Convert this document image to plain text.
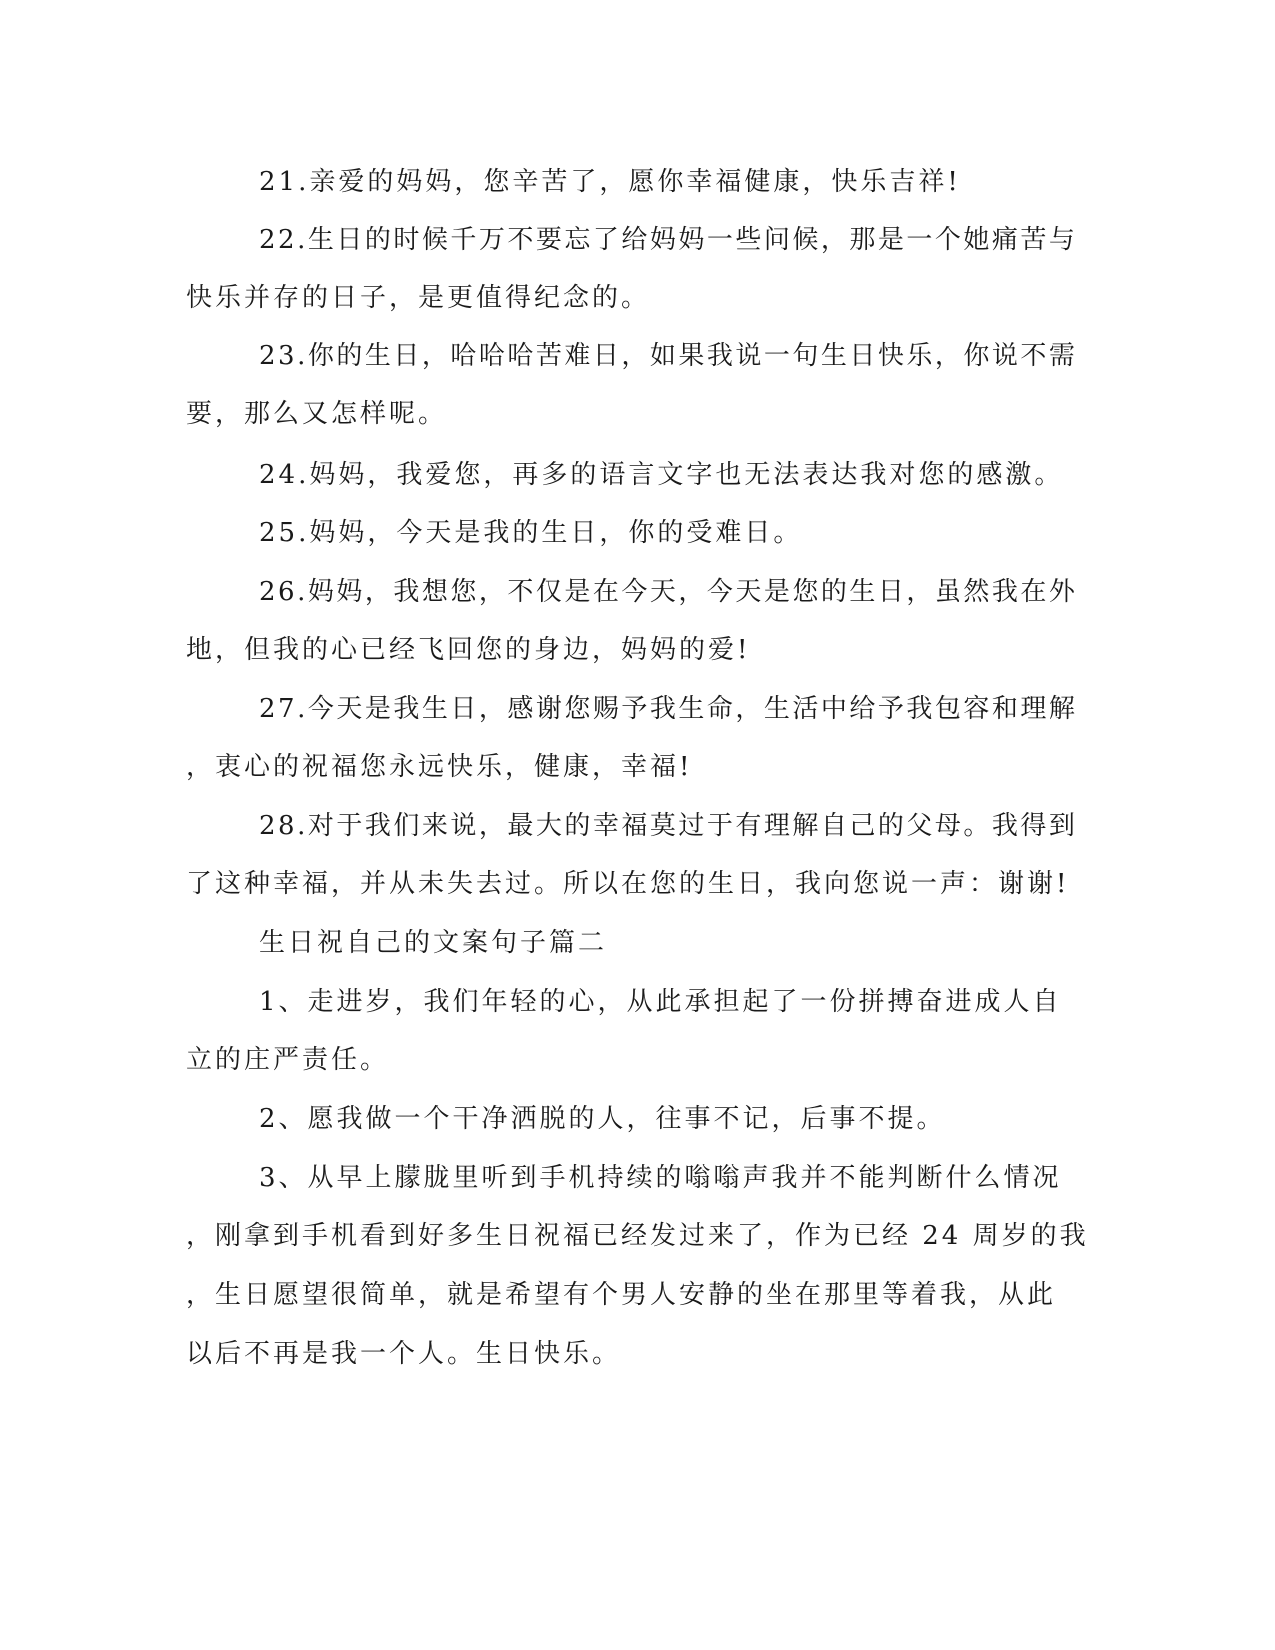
21.亲爱的妈妈，您辛苦了，愿你幸福健康，快乐吉祥!
22.生日的时候千万不要忘了给妈妈一些问候，那是一个她痛苦与
快乐并存的日子，是更值得纪念的。
23.你的生日，哈哈哈苦难日，如果我说一句生日快乐，你说不需
要，那么又怎样呢。
24.妈妈，我爱您，再多的语言文字也无法表达我对您的感激。
25.妈妈，今天是我的生日，你的受难日。
26.妈妈，我想您，不仅是在今天，今天是您的生日，虽然我在外
地，但我的心已经飞回您的身边，妈妈的爱!
27.今天是我生日，感谢您赐予我生命，生活中给予我包容和理解
，衷心的祝福您永远快乐，健康，幸福!
28.对于我们来说，最大的幸福莫过于有理解自己的父母。我得到
了这种幸福，并从未失去过。所以在您的生日，我向您说一声：谢谢!
生日祝自己的文案句子篇二
1、走进岁，我们年轻的心，从此承担起了一份拼搏奋进成人自
立的庄严责任。
2、愿我做一个干净洒脱的人，往事不记，后事不提。
3、从早上朦胧里听到手机持续的嗡嗡声我并不能判断什么情况
，刚拿到手机看到好多生日祝福已经发过来了，作为已经 24 周岁的我
，生日愿望很简单，就是希望有个男人安静的坐在那里等着我，从此
以后不再是我一个人。生日快乐。
